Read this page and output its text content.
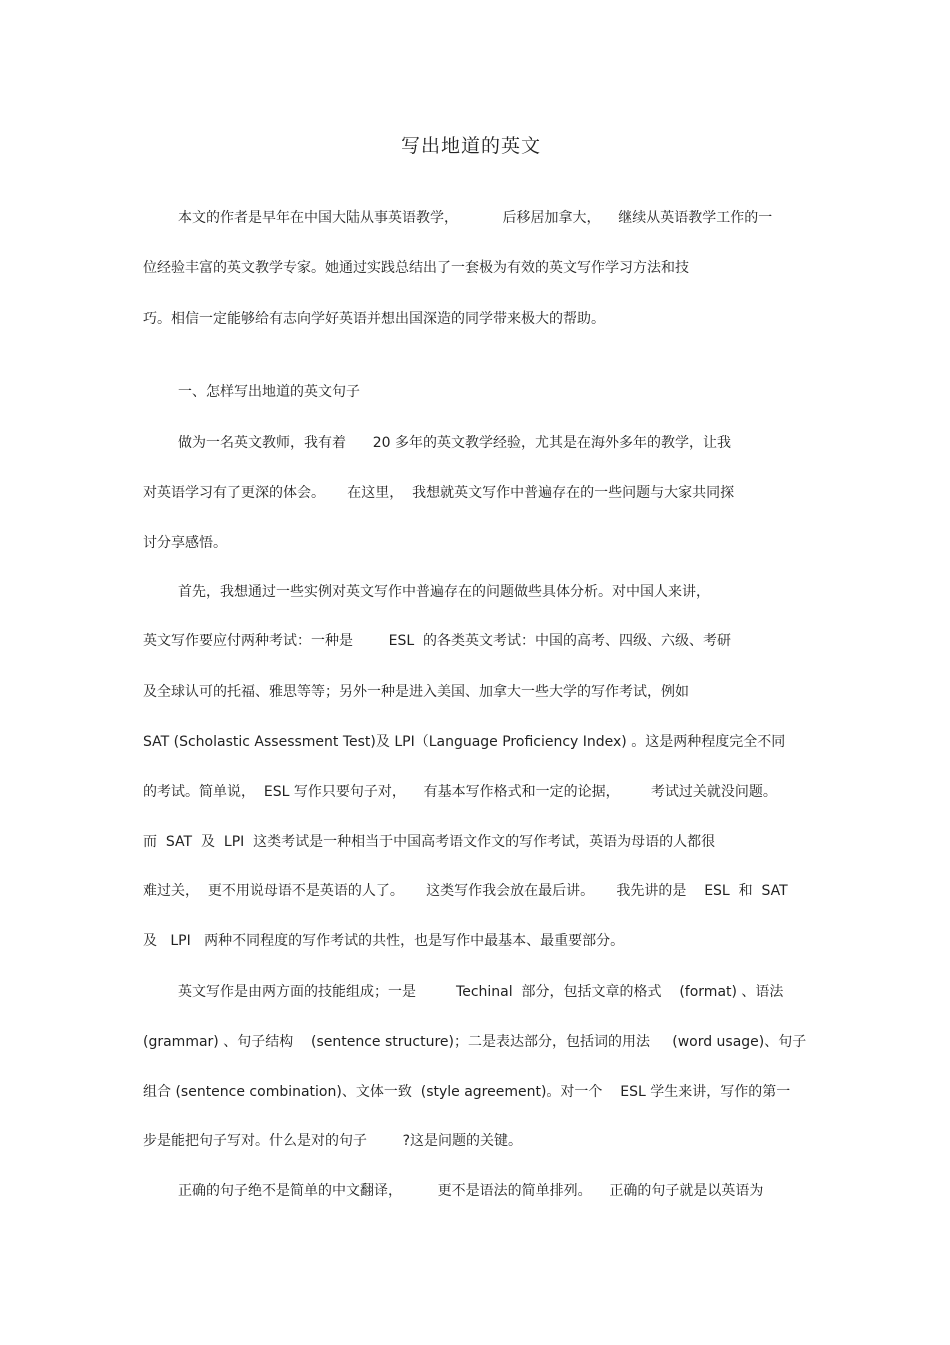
写出地道的英文
本文的作者是早年在中国大陆从事英语教学，          后移居加拿大，    继续从英语教学工作的一
位经验丰富的英文教学专家。她通过实践总结出了一套极为有效的英文写作学习方法和技
巧。相信一定能够给有志向学好英语并想出国深造的同学带来极大的帮助。
一、怎样写出地道的英文句子
做为一名英文教师，我有着      20 多年的英文教学经验，尤其是在海外多年的教学，让我
对英语学习有了更深的体会。     在这里，  我想就英文写作中普遍存在的一些问题与大家共同探
讨分享感悟。
首先，我想通过一些实例对英文写作中普遍存在的问题做些具体分析。对中国人来讲，
英文写作要应付两种考试：一种是        ESL  的各类英文考试：中国的高考、四级、六级、考研
及全球认可的托福、雅思等等；另外一种是进入美国、加拿大一些大学的写作考试，例如
SAT (Scholastic Assessment Test)及 LPI（Language Proficiency Index) 。这是两种程度完全不同
的考试。简单说，  ESL 写作只要句子对，    有基本写作格式和一定的论据，       考试过关就没问题。
而  SAT  及  LPI  这类考试是一种相当于中国高考语文作文的写作考试，英语为母语的人都很
难过关，  更不用说母语不是英语的人了。     这类写作我会放在最后讲。     我先讲的是    ESL  和  SAT
及   LPI   两种不同程度的写作考试的共性，也是写作中最基本、最重要部分。
英文写作是由两方面的技能组成；一是         Techinal  部分，包括文章的格式    (format) 、语法
(grammar) 、句子结构    (sentence structure)；二是表达部分，包括词的用法     (word usage)、句子
组合 (sentence combination)、文体一致  (style agreement)。对一个    ESL 学生来讲，写作的第一
步是能把句子写对。什么是对的句子        ?这是问题的关键。
正确的句子绝不是简单的中文翻译，        更不是语法的简单排列。    正确的句子就是以英语为
